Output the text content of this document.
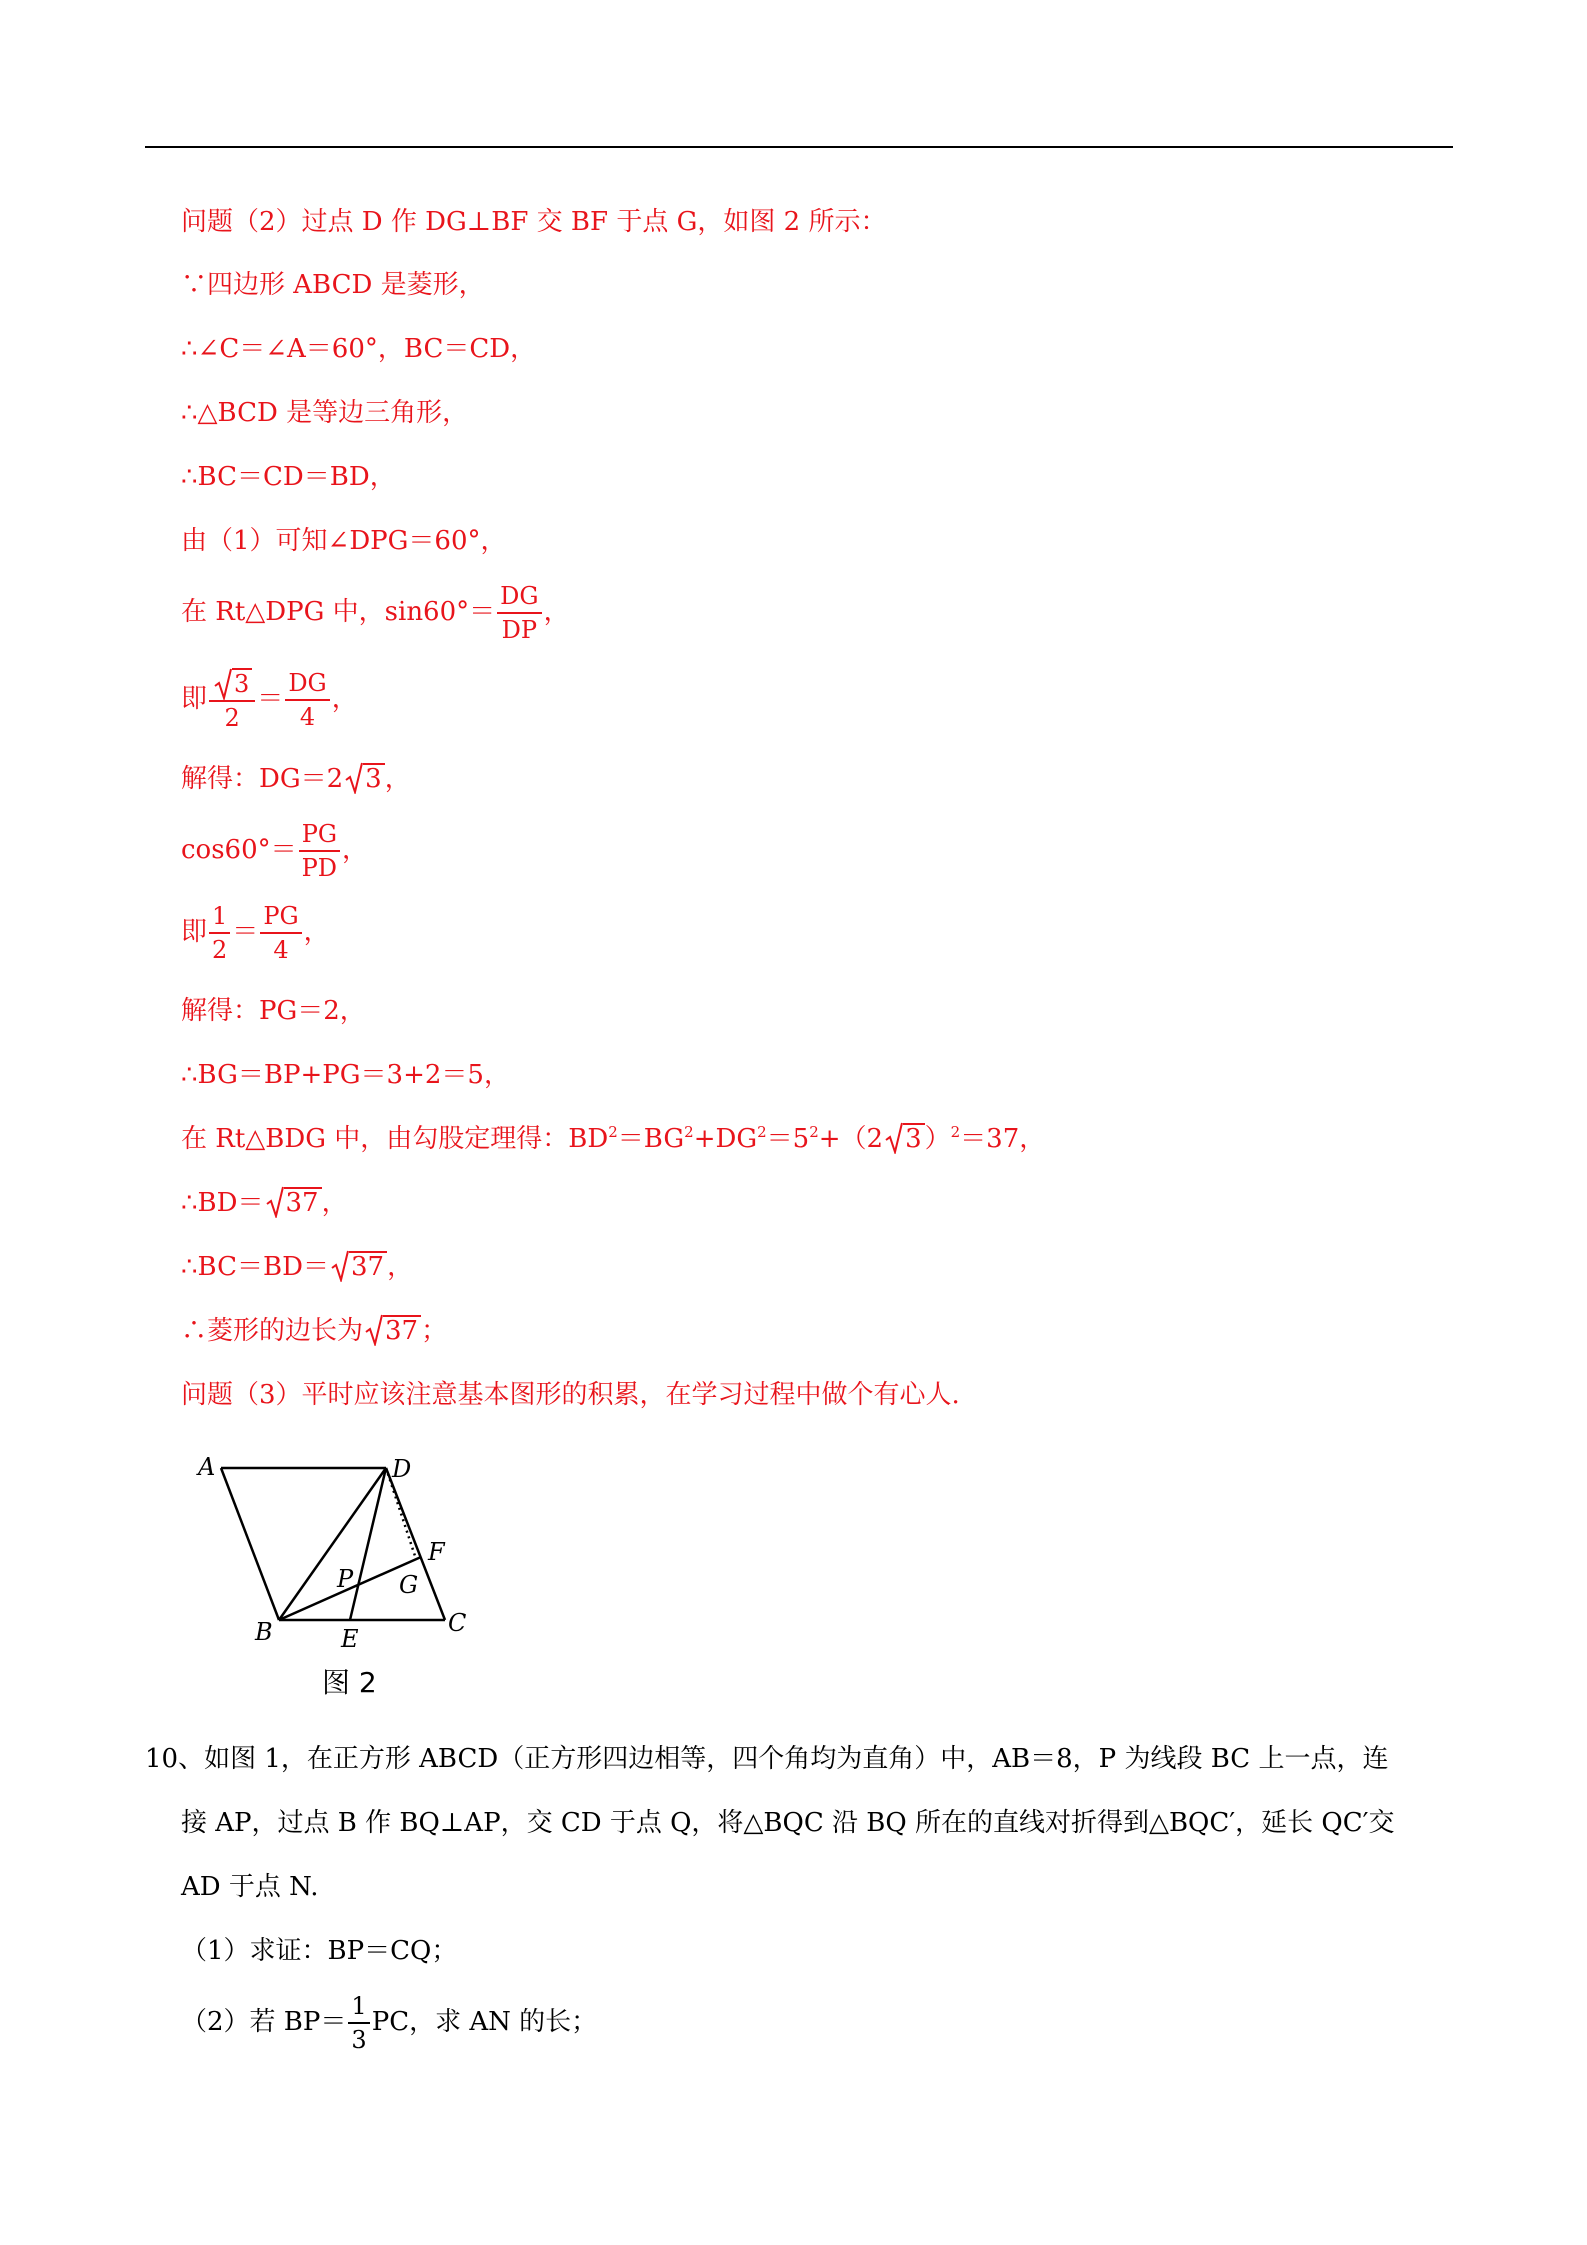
问题（2）过点 D 作 DG⊥BF 交 BF 于点 G，如图 2 所示：
∵四边形 ABCD 是菱形，
∴∠C＝∠A＝60°，BC＝CD，
∴△BCD 是等边三角形，
∴BC＝CD＝BD，
由（1）可知∠DPG＝60°，
在 Rt△DPG 中，$\sin 60^\circ= \frac{DG}{DP}$ ，
即 $\frac{3}{2} = \frac{DG}{4}$ ，
解得：DG＝2 3 ，
$\cos 60^\circ= \frac{PG}{PD}$ ，
即 $\frac{1}{2} = \frac{PG}{4}$ ，
解得：PG＝2，
∴BG＝BP+PG＝3+2＝5，
在 Rt△BDG 中，由勾股定理得：$BD^2=BG^2+DG^2=5^2+(2$ 3 ）$^2$＝37，
∴BD＝ 37 ，
∴BC＝BD＝ 37 ，
∴菱形的边长为 37 ；
问题（3）平时应该注意基本图形的积累，在学习过程中做个有心人.
A	D
F
P G
B	E
C
图 2
10、如图 1，在正方形 ABCD（正方形四边相等，四个角均为直角）中，AB＝8，P 为线段 BC 上一点，连
接 AP，过点 B 作 BQ⊥AP，交 CD 于点 Q，将△BQC 沿 BQ 所在的直线对折得到△BQC′，延长 QC′交
AD 于点 N.
（1）求证：BP＝CQ；
（2）若 $BP= \frac{1}{3}$ PC，求 AN 的长；
